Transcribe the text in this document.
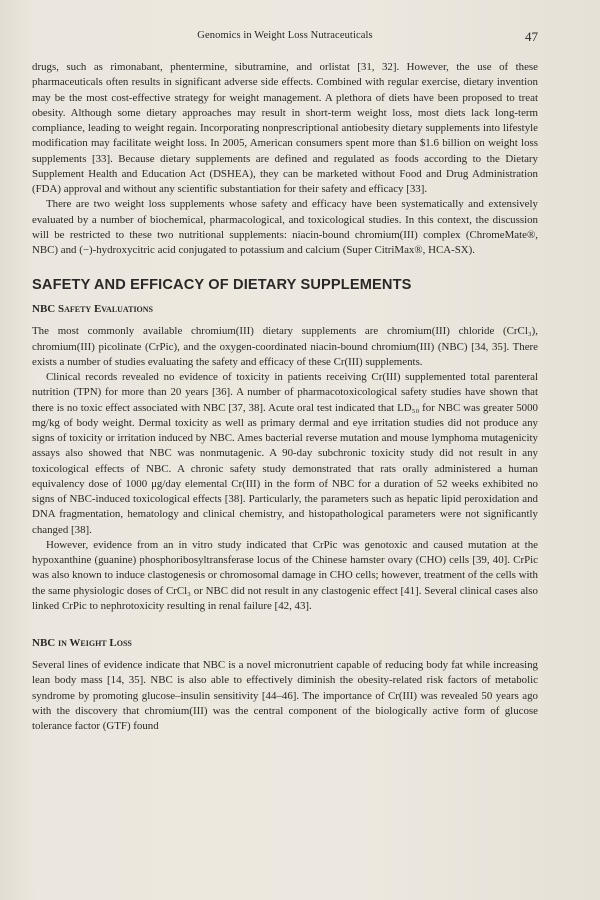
Genomics in Weight Loss Nutraceuticals	47

drugs, such as rimonabant, phentermine, sibutramine, and orlistat [31, 32]. However, the use of these pharmaceuticals often results in significant adverse side effects. Combined with regular exercise, dietary invention may be the most cost-effective strategy for weight management. A plethora of diets have been proposed to treat obesity. Although some dietary approaches may result in short-term weight loss, most diets lack long-term compliance, leading to weight regain. Incorporating nonprescriptional antiobesity dietary supplements into lifestyle modification may facilitate weight loss. In 2005, American consumers spent more than $1.6 billion on weight loss supplements [33]. Because dietary supplements are defined and regulated as foods according to the Dietary Supplement Health and Education Act (DSHEA), they can be marketed without Food and Drug Administration (FDA) approval and without any scientific substantiation for their safety and efficacy [33].

There are two weight loss supplements whose safety and efficacy have been systematically and extensively evaluated by a number of biochemical, pharmacological, and toxicological studies. In this context, the discussion will be restricted to these two nutritional supplements: niacin-bound chromium(III) complex (ChromeMate®, NBC) and (−)-hydroxycitric acid conjugated to potassium and calcium (Super CitriMax®, HCA-SX).

SAFETY AND EFFICACY OF DIETARY SUPPLEMENTS
NBC Safety Evaluations

The most commonly available chromium(III) dietary supplements are chromium(III) chloride (CrCl₃), chromium(III) picolinate (CrPic), and the oxygen-coordinated niacin-bound chromium(III) (NBC) [34, 35]. There exists a number of studies evaluating the safety and efficacy of these Cr(III) supplements.

Clinical records revealed no evidence of toxicity in patients receiving Cr(III) supplemented total parenteral nutrition (TPN) for more than 20 years [36]. A number of pharmacotoxicological safety studies have shown that there is no toxic effect associated with NBC [37, 38]. Acute oral test indicated that LD₅₀ for NBC was greater 5000 mg/kg of body weight. Dermal toxicity as well as primary dermal and eye irritation studies did not produce any signs of toxicity or irritation induced by NBC. Ames bacterial reverse mutation and mouse lymphoma mutagenicity assays also showed that NBC was nonmutagenic. A 90-day subchronic toxicity study did not result in any toxicological effects of NBC. A chronic safety study demonstrated that rats orally administered a human equivalency dose of 1000 μg/day elemental Cr(III) in the form of NBC for a duration of 52 weeks exhibited no signs of NBC-induced toxicological effects [38]. Particularly, the parameters such as hepatic lipid peroxidation and DNA fragmentation, hematology and clinical chemistry, and histopathological parameters were not significantly changed [38].

However, evidence from an in vitro study indicated that CrPic was genotoxic and caused mutation at the hypoxanthine (guanine) phosphoribosyltransferase locus of the Chinese hamster ovary (CHO) cells [39, 40]. CrPic was also known to induce clastogenesis or chromosomal damage in CHO cells; however, treatment of the cells with the same physiologic doses of CrCl₃ or NBC did not result in any clastogenic effect [41]. Several clinical cases also linked CrPic to nephrotoxicity resulting in renal failure [42, 43].

NBC in Weight Loss

Several lines of evidence indicate that NBC is a novel micronutrient capable of reducing body fat while increasing lean body mass [14, 35]. NBC is also able to effectively diminish the obesity-related risk factors of metabolic syndrome by promoting glucose–insulin sensitivity [44–46]. The importance of Cr(III) was revealed 50 years ago with the discovery that chromium(III) was the central component of the biologically active form of glucose tolerance factor (GTF) found
